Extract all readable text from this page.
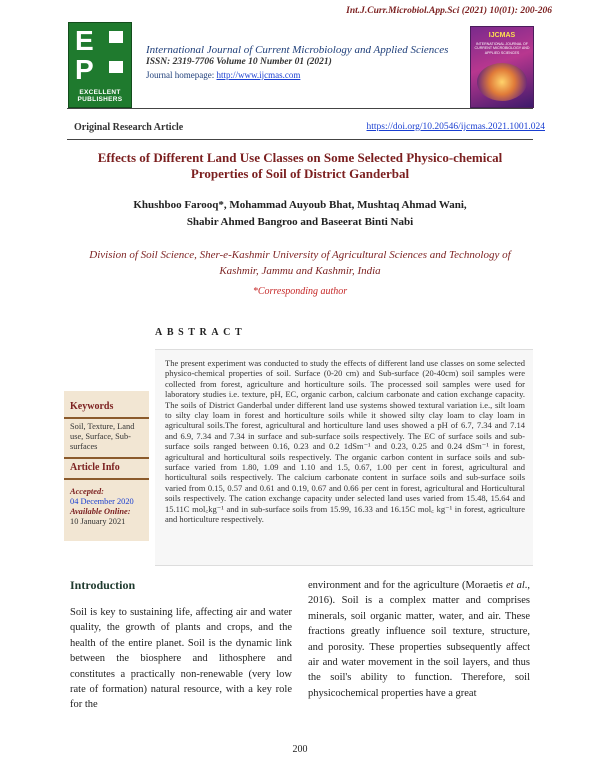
Int.J.Curr.Microbiol.App.Sci (2021) 10(01): 200-206
E
P
EXCELLENT PUBLISHERS
International Journal of Current Microbiology and Applied Sciences
ISSN: 2319-7706 Volume 10 Number 01 (2021)
Journal homepage: http://www.ijcmas.com
IJCMAS
INTERNATIONAL JOURNAL OF CURRENT MICROBIOLOGY AND APPLIED SCIENCES
Original Research Article	https://doi.org/10.20546/ijcmas.2021.1001.024
Effects of Different Land Use Classes on Some Selected Physico-chemical Properties of Soil of District Ganderbal
Khushboo Farooq*, Mohammad Auyoub Bhat, Mushtaq Ahmad Wani,
Shabir Ahmed Bangroo and Baseerat Binti Nabi
Division of Soil Science, Sher-e-Kashmir University of Agricultural Sciences and Technology of Kashmir, Jammu and Kashmir, India
*Corresponding author
ABSTRACT
Keywords
Soil, Texture, Land use, Surface, Sub-surfaces
Article Info
Accepted:
04 December 2020
Available Online:
10 January 2021
The present experiment was conducted to study the effects of different land use classes on some selected physico-chemical properties of soil. Surface (0-20 cm) and Sub-surface (20-40cm) soil samples were collected from forest, agriculture and horticulture soils. The processed soil samples were used for laboratory studies i.e. texture, pH, EC, organic carbon, calcium carbonate and cation exchange capacity. The soils of District Ganderbal under different land use systems showed textural variation i.e., silt loam to silty clay loam in forest and horticulture soils while it showed silty clay loam to clay loam in agricultural soils.The forest, agricultural and horticulture land uses showed a pH of 6.7, 7.34 and 7.14 and 6.9, 7.34 and 7.34 in surface and sub-surface soils respectively. The EC of surface soils and sub-surface soils ranged between 0.16, 0.23 and 0.2 1dSm⁻¹ and 0.23, 0.25 and 0.24 dSm⁻¹ in forest, agricultural and horticultural soils respectively. The organic carbon content in surface soils and sub-surface varied from 1.80, 1.09 and 1.10 and 1.5, 0.67, 1.00 per cent in forest, agricultural and horticultural soils respectively. The calcium carbonate content in surface soils and sub-surface soils varied from 0.15, 0.57 and 0.61 and 0.19, 0.67 and 0.66 per cent in forest, agricultural and Horticultural soils respectively. The cation exchange capacity under selected land uses varied from 15.48, 15.64 and 15.11C mol꜀kg⁻¹ and in sub-surface soils from 15.99, 16.33 and 16.15C mol꜀ kg⁻¹ in forest, agriculture and horticulture respectively.
Introduction
Soil is key to sustaining life, affecting air and water quality, the growth of plants and crops, and the health of the entire planet. Soil is the dynamic link between the biosphere and lithosphere and constitutes a practically non-renewable (very low rate of formation) natural resource, with a key role for the
environment and for the agriculture (Moraetis et al., 2016). Soil is a complex matter and comprises minerals, soil organic matter, water, and air. These fractions greatly influence soil texture, structure, and porosity. These properties subsequently affect air and water movement in the soil layers, and thus the soil's ability to function. Therefore, soil physicochemical properties have a great
200
